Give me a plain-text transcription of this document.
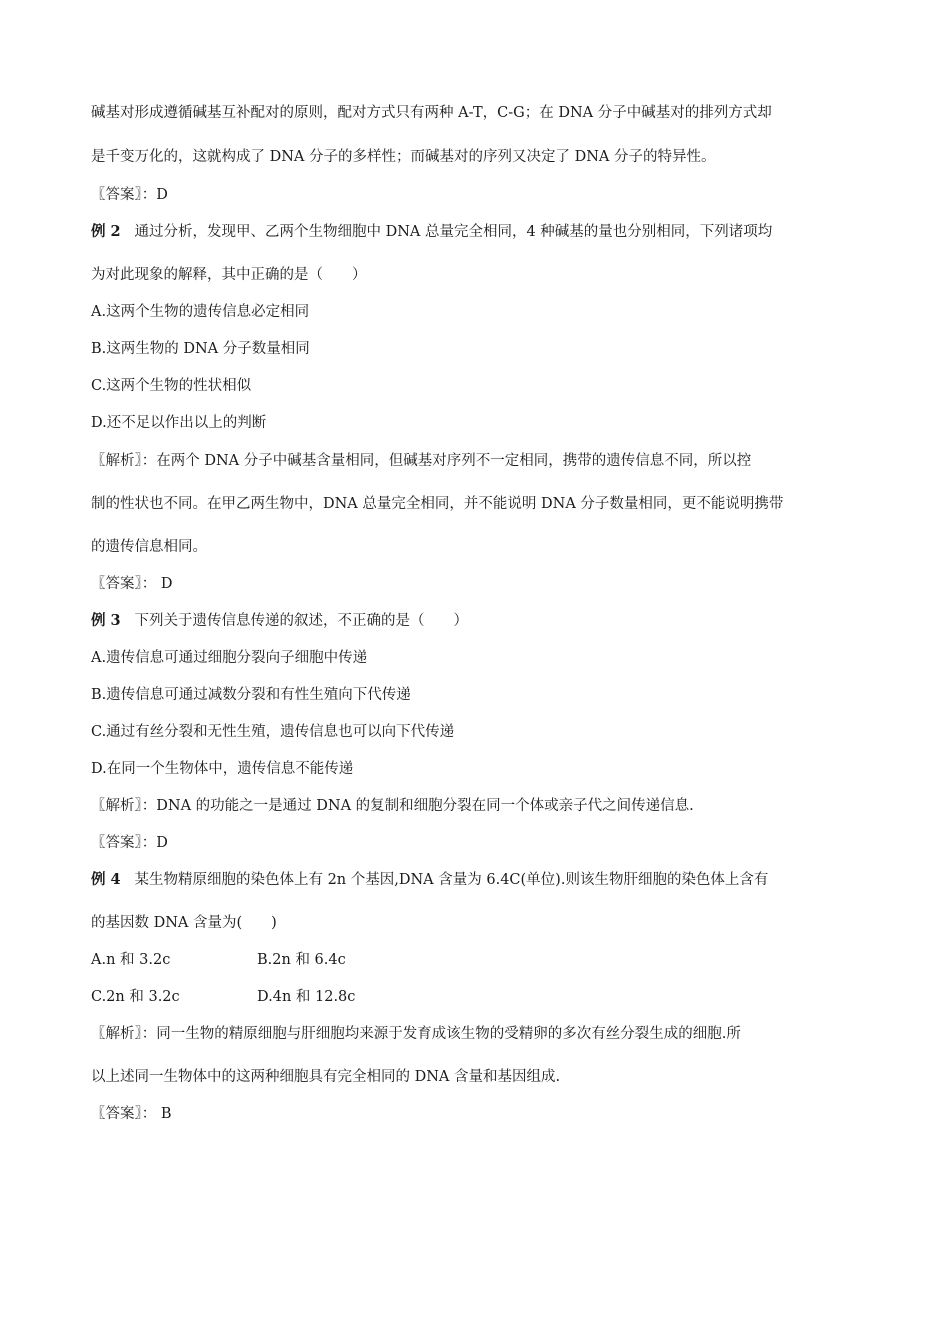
碱基对形成遵循碱基互补配对的原则，配对方式只有两种 A-T，C-G；在 DNA 分子中碱基对的排列方式却
是千变万化的，这就构成了 DNA 分子的多样性；而碱基对的序列又决定了 DNA 分子的特异性。
〖答案〗：D
例 2 通过分析，发现甲、乙两个生物细胞中 DNA 总量完全相同，4 种碱基的量也分别相同，下列诸项均
为对此现象的解释，其中正确的是（　　）
A.这两个生物的遗传信息必定相同
B.这两生物的 DNA 分子数量相同
C.这两个生物的性状相似
D.还不足以作出以上的判断
〖解析〗：在两个 DNA 分子中碱基含量相同，但碱基对序列不一定相同，携带的遗传信息不同，所以控
制的性状也不同。在甲乙两生物中，DNA 总量完全相同，并不能说明 DNA 分子数量相同，更不能说明携带
的遗传信息相同。
〖答案〗： D
例 3 下列关于遗传信息传递的叙述，不正确的是（　　）
A.遗传信息可通过细胞分裂向子细胞中传递
B.遗传信息可通过减数分裂和有性生殖向下代传递
C.通过有丝分裂和无性生殖，遗传信息也可以向下代传递
D.在同一个生物体中，遗传信息不能传递
〖解析〗：DNA 的功能之一是通过 DNA 的复制和细胞分裂在同一个体或亲子代之间传递信息.
〖答案〗：D
例 4 某生物精原细胞的染色体上有 2n 个基因,DNA 含量为 6.4C(单位).则该生物肝细胞的染色体上含有
的基因数 DNA 含量为(　　)
A.n 和 3.2c	B.2n 和 6.4c
C.2n 和 3.2c	D.4n 和 12.8c
〖解析〗：同一生物的精原细胞与肝细胞均来源于发育成该生物的受精卵的多次有丝分裂生成的细胞.所
以上述同一生物体中的这两种细胞具有完全相同的 DNA 含量和基因组成.
〖答案〗： B
